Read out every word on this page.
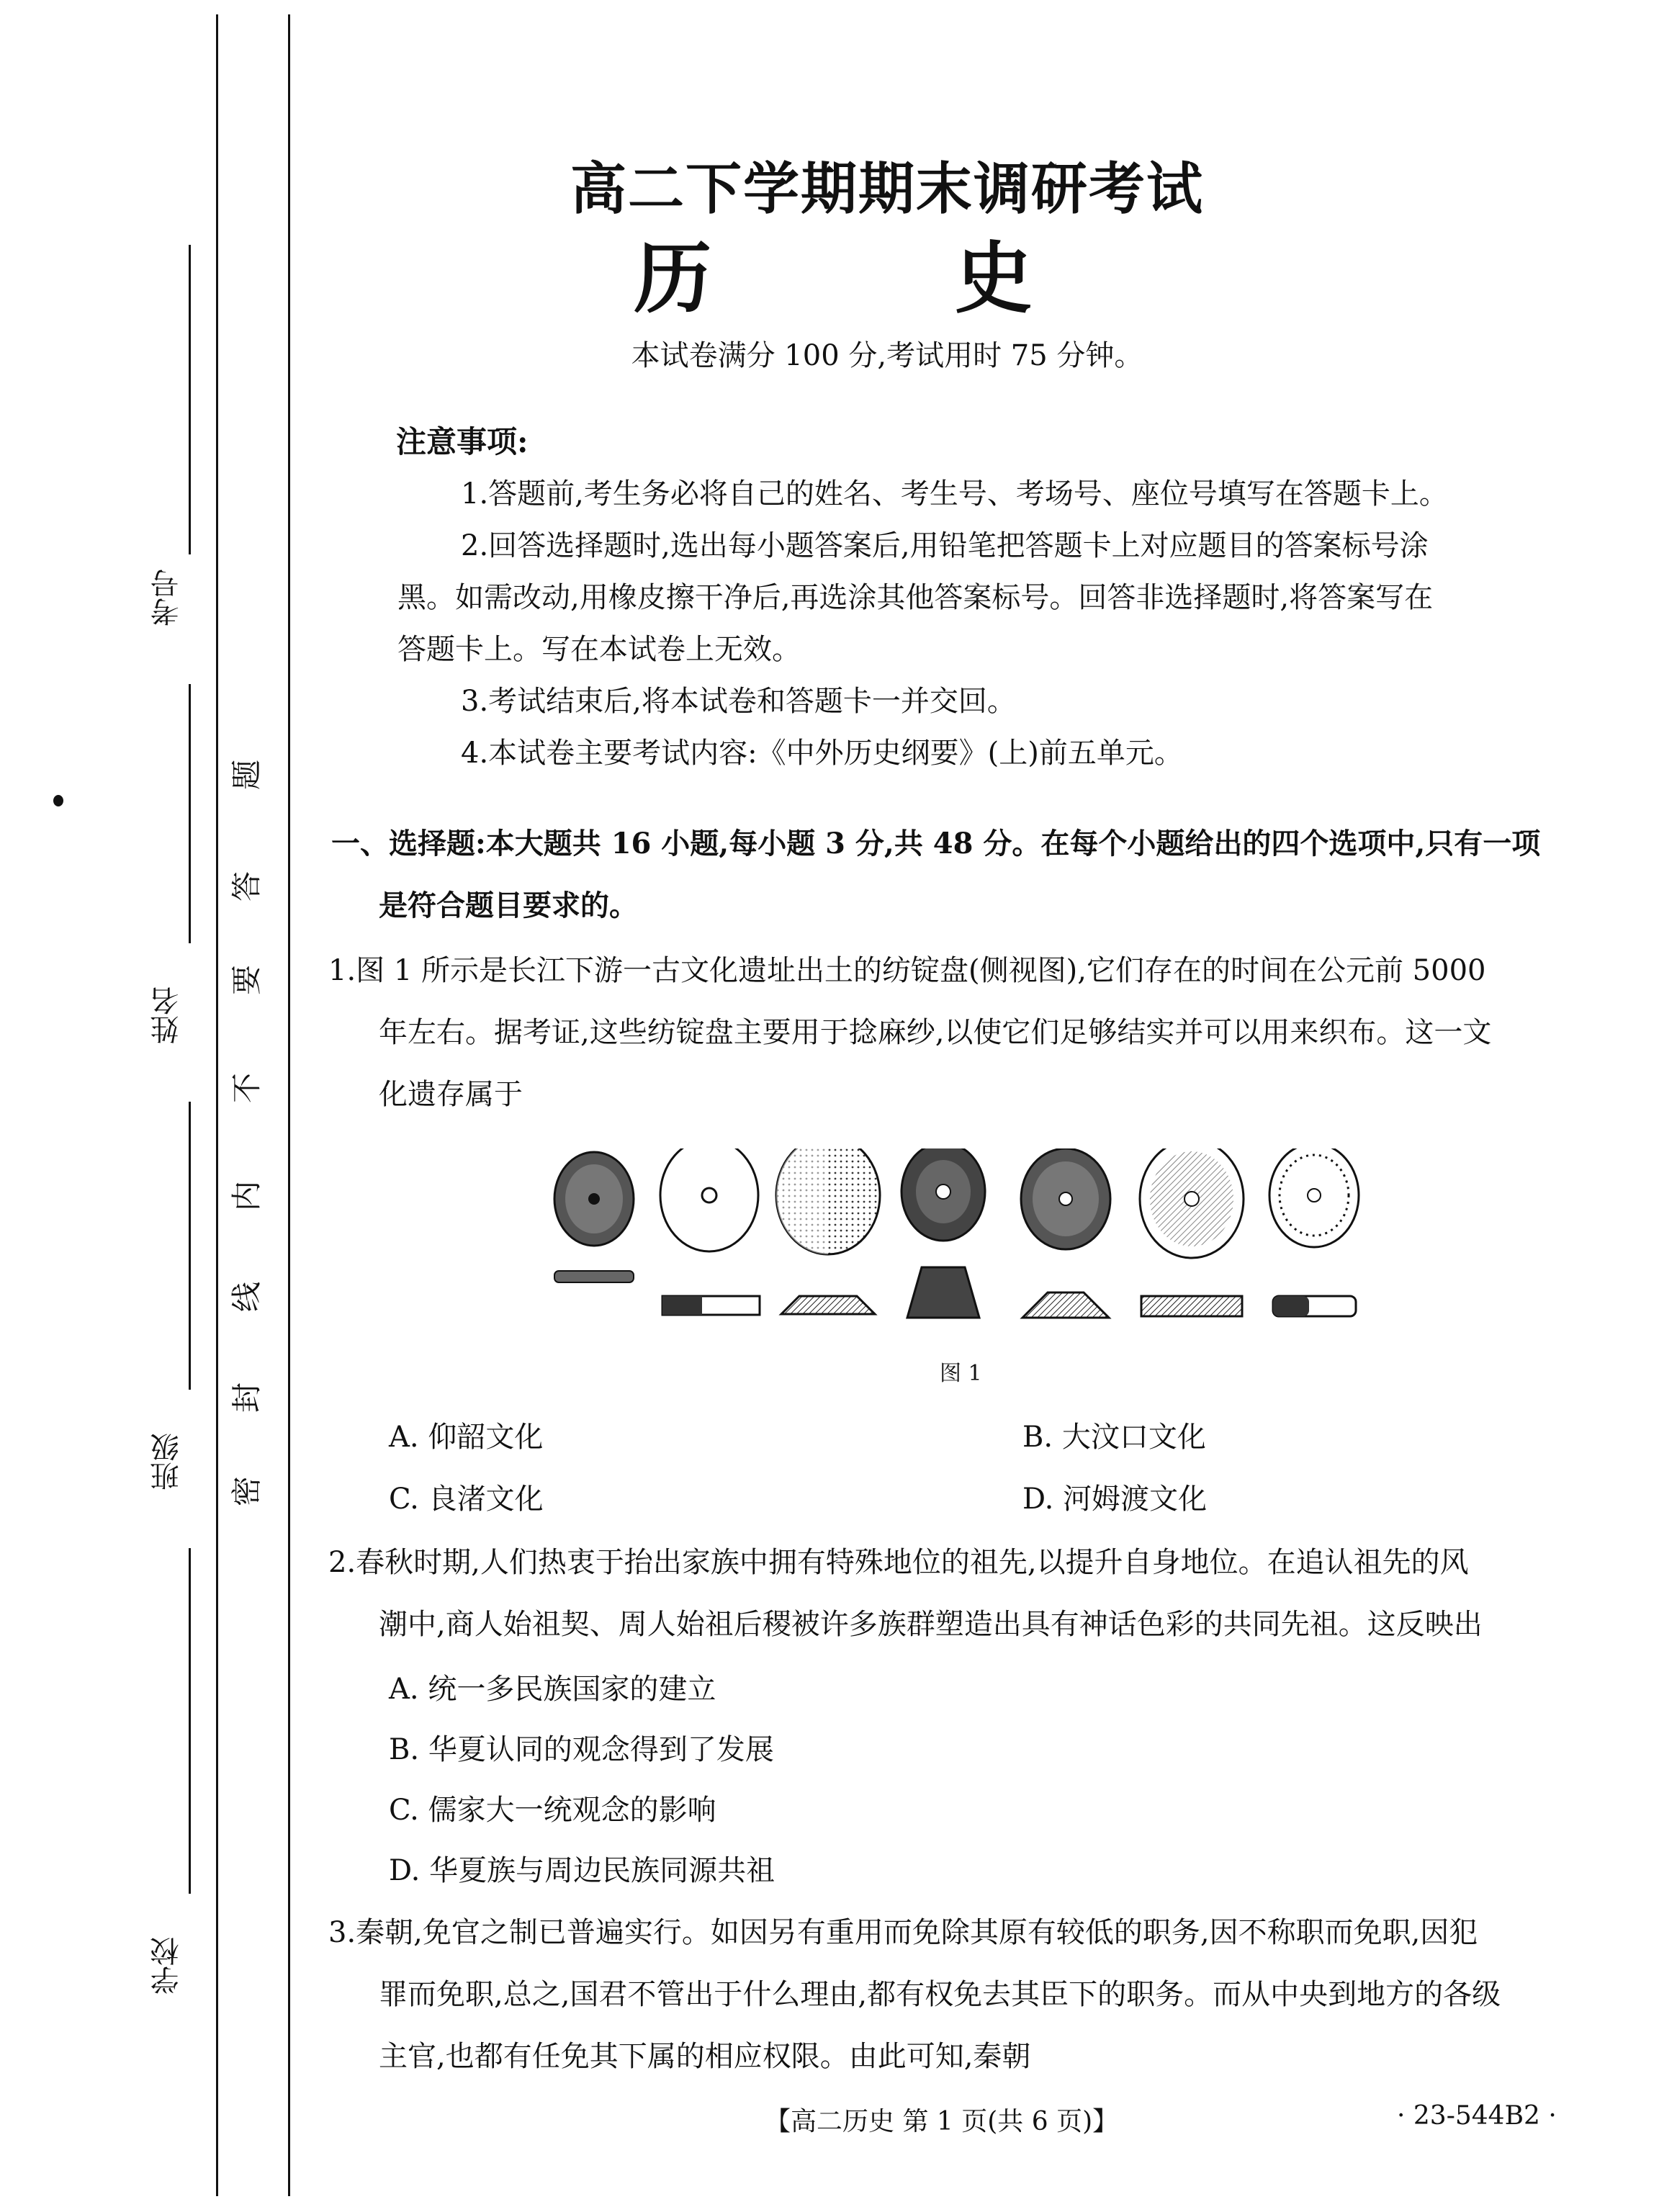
考号
姓名
班级
学校
题
答
要
不
内
线
封
密
高二下学期期末调研考试
历 史
本试卷满分 100 分,考试用时 75 分钟。
注意事项:
1.答题前,考生务必将自己的姓名、考生号、考场号、座位号填写在答题卡上。
2.回答选择题时,选出每小题答案后,用铅笔把答题卡上对应题目的答案标号涂
黑。如需改动,用橡皮擦干净后,再选涂其他答案标号。回答非选择题时,将答案写在
答题卡上。写在本试卷上无效。
3.考试结束后,将本试卷和答题卡一并交回。
4.本试卷主要考试内容:《中外历史纲要》(上)前五单元。
一、选择题:本大题共 16 小题,每小题 3 分,共 48 分。在每个小题给出的四个选项中,只有一项
是符合题目要求的。
1.图 1 所示是长江下游一古文化遗址出土的纺锭盘(侧视图),它们存在的时间在公元前 5000
年左右。据考证,这些纺锭盘主要用于捻麻纱,以使它们足够结实并可以用来织布。这一文
化遗存属于
图 1
A. 仰韶文化	B. 大汶口文化
C. 良渚文化	D. 河姆渡文化
2.春秋时期,人们热衷于抬出家族中拥有特殊地位的祖先,以提升自身地位。在追认祖先的风
潮中,商人始祖契、周人始祖后稷被许多族群塑造出具有神话色彩的共同先祖。这反映出
A. 统一多民族国家的建立
B. 华夏认同的观念得到了发展
C. 儒家大一统观念的影响
D. 华夏族与周边民族同源共祖
3.秦朝,免官之制已普遍实行。如因另有重用而免除其原有较低的职务,因不称职而免职,因犯
罪而免职,总之,国君不管出于什么理由,都有权免去其臣下的职务。而从中央到地方的各级
主官,也都有任免其下属的相应权限。由此可知,秦朝
【高二历史 第 1 页(共 6 页)】	· 23-544B2 ·
